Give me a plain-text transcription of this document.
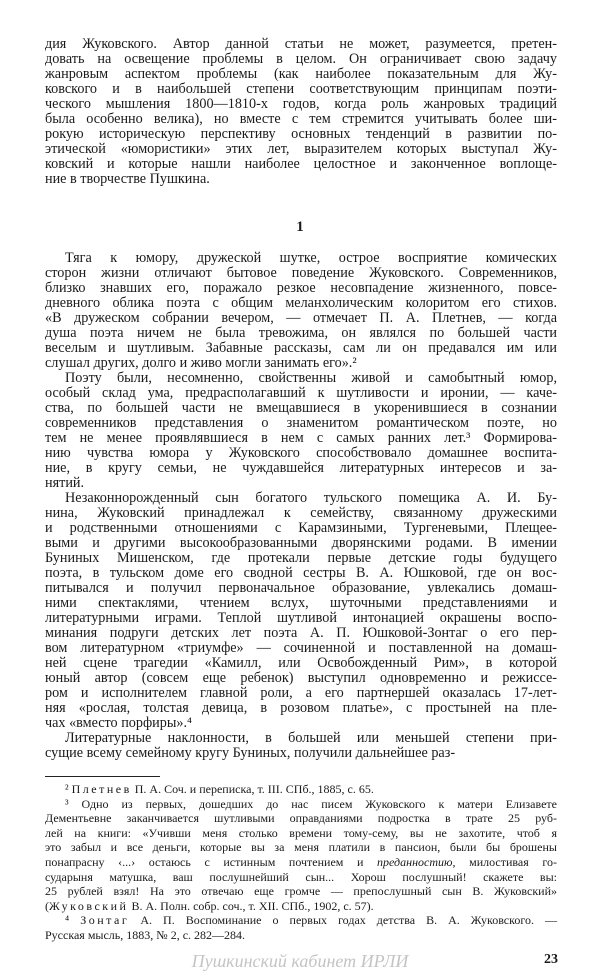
дия Жуковского. Автор данной статьи не может, разумеется, претен-
довать на освещение проблемы в целом. Он ограничивает свою задачу
жанровым аспектом проблемы (как наиболее показательным для Жу-
ковского и в наибольшей степени соответствующим принципам поэти-
ческого мышления 1800—1810-х годов, когда роль жанровых традиций
была особенно велика), но вместе с тем стремится учитывать более ши-
рокую историческую перспективу основных тенденций в развитии по-
этической «юмористики» этих лет, выразителем которых выступал Жу-
ковский и которые нашли наиболее целостное и законченное воплоще-
ние в творчестве Пушкина.
1
Тяга к юмору, дружеской шутке, острое восприятие комических
сторон жизни отличают бытовое поведение Жуковского. Современников,
близко знавших его, поражало резкое несовпадение жизненного, повсе-
дневного облика поэта с общим меланхолическим колоритом его стихов.
«В дружеском собрании вечером, — отмечает П. А. Плетнев, — когда
душа поэта ничем не была тревожима, он являлся по большей части
веселым и шутливым. Забавные рассказы, сам ли он предавался им или
слушал других, долго и живо могли занимать его».²
Поэту были, несомненно, свойственны живой и самобытный юмор,
особый склад ума, предрасполагавший к шутливости и иронии, — каче-
ства, по большей части не вмещавшиеся в укоренившиеся в сознании
современников представления о знаменитом романтическом поэте, но
тем не менее проявлявшиеся в нем с самых ранних лет.³ Формирова-
нию чувства юмора у Жуковского способствовало домашнее воспита-
ние, в кругу семьи, не чуждавшейся литературных интересов и за-
нятий.
Незаконнорожденный сын богатого тульского помещика А. И. Бу-
нина, Жуковский принадлежал к семейству, связанному дружескими
и родственными отношениями с Карамзиными, Тургеневыми, Плещее-
выми и другими высокообразованными дворянскими родами. В имении
Буниных Мишенском, где протекали первые детские годы будущего
поэта, в тульском доме его сводной сестры В. А. Юшковой, где он вос-
питывался и получил первоначальное образование, увлекались домаш-
ними спектаклями, чтением вслух, шуточными представлениями и
литературными играми. Теплой шутливой интонацией окрашены воспо-
минания подруги детских лет поэта А. П. Юшковой-Зонтаг о его пер-
вом литературном «триумфе» — сочиненной и поставленной на домаш-
ней сцене трагедии «Камилл, или Освобожденный Рим», в которой
юный автор (совсем еще ребенок) выступил одновременно и режиссе-
ром и исполнителем главной роли, а его партнершей оказалась 17-лет-
няя «рослая, толстая девица, в розовом платье», с простыней на пле-
чах «вместо порфиры».⁴
Литературные наклонности, в большей или меньшей степени при-
сущие всему семейному кругу Буниных, получили дальнейшее раз-
² Плетнев П. А. Соч. и переписка, т. III. СПб., 1885, с. 65.
³ Одно из первых, дошедших до нас писем Жуковского к матери Елизавете
Дементьевне заканчивается шутливыми оправданиями подростка в трате 25 руб-
лей на книги: «Учивши меня столько времени тому-сему, вы не захотите, чтоб я
это забыл и все деньги, которые вы за меня платили в пансион, были бы брошены
понапрасну ‹...› остаюсь с истинным почтением и преданностию, милостивая го-
сударыня матушка, ваш послушнейший сын... Хорош послушный! скажете вы:
25 рублей взял! На это отвечаю еще громче — препослушный сын В. Жуковский»
(Жуковский В. А. Полн. собр. соч., т. XII. СПб., 1902, с. 57).
⁴ Зонтаг А. П. Воспоминание о первых годах детства В. А. Жуковского. —
Русская мысль, 1883, № 2, с. 282—284.
Пушкинский кабинет ИРЛИ	23
